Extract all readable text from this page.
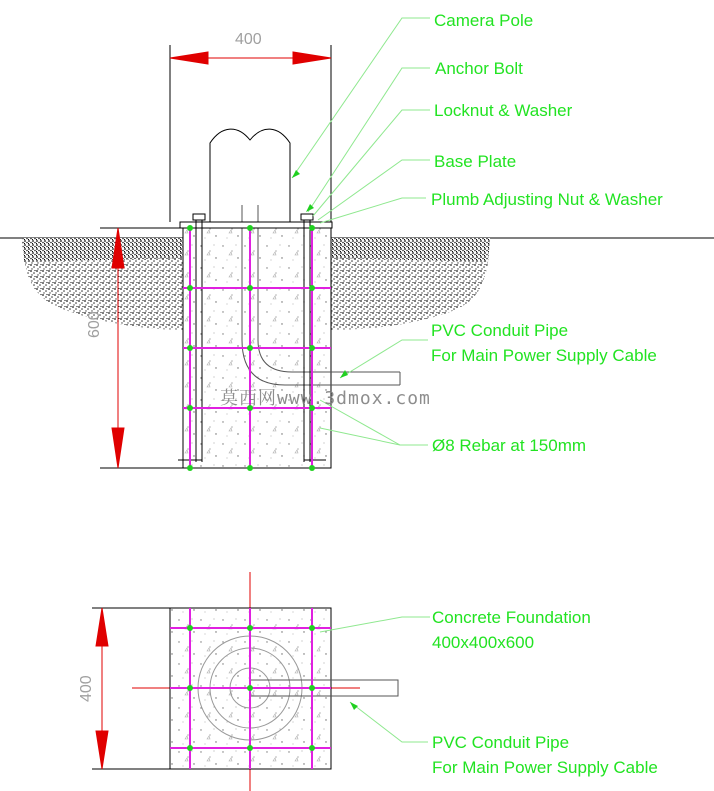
Camera Pole
Anchor Bolt
Locknut & Washer
Base Plate
Plumb Adjusting Nut & Washer
PVC Conduit Pipe
For Main Power Supply Cable
Ø8 Rebar at 150mm
Concrete Foundation
400x400x600
PVC Conduit Pipe
For Main Power Supply Cable
400
600
400
莫西网www.3dmox.com
